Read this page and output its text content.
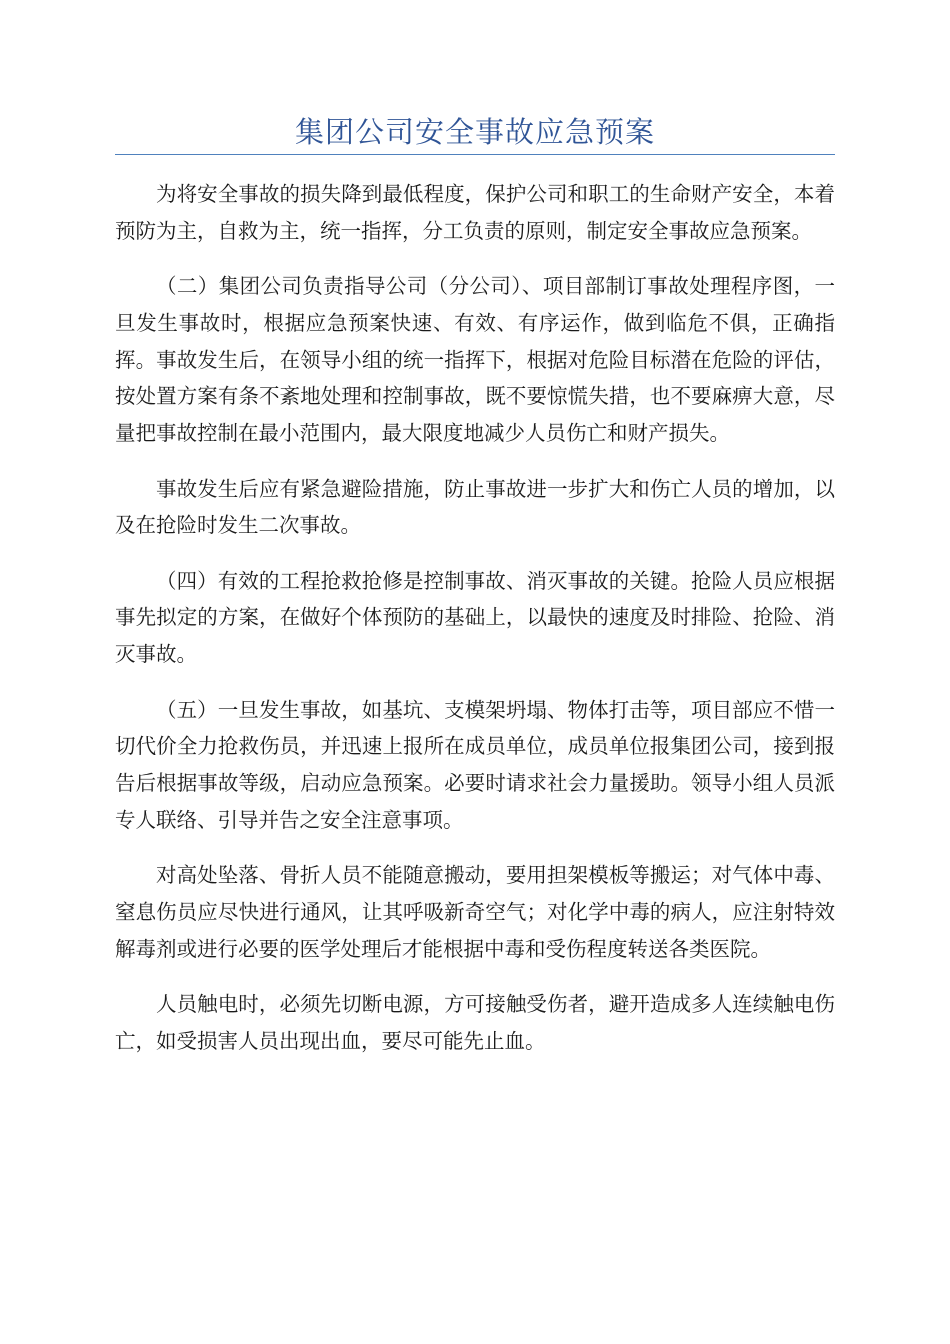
集团公司安全事故应急预案

为将安全事故的损失降到最低程度，保护公司和职工的生命财产安全，本着预防为主，自救为主，统一指挥，分工负责的原则，制定安全事故应急预案。

（二）集团公司负责指导公司（分公司）、项目部制订事故处理程序图，一旦发生事故时，根据应急预案快速、有效、有序运作，做到临危不俱，正确指挥。事故发生后，在领导小组的统一指挥下，根据对危险目标潜在危险的评估，按处置方案有条不紊地处理和控制事故，既不要惊慌失措，也不要麻痹大意，尽量把事故控制在最小范围内，最大限度地减少人员伤亡和财产损失。

事故发生后应有紧急避险措施，防止事故进一步扩大和伤亡人员的增加，以及在抢险时发生二次事故。

（四）有效的工程抢救抢修是控制事故、消灭事故的关键。抢险人员应根据事先拟定的方案，在做好个体预防的基础上，以最快的速度及时排险、抢险、消灭事故。

（五）一旦发生事故，如基坑、支模架坍塌、物体打击等，项目部应不惜一切代价全力抢救伤员，并迅速上报所在成员单位，成员单位报集团公司，接到报告后根据事故等级，启动应急预案。必要时请求社会力量援助。领导小组人员派专人联络、引导并告之安全注意事项。

对高处坠落、骨折人员不能随意搬动，要用担架模板等搬运；对气体中毒、窒息伤员应尽快进行通风，让其呼吸新奇空气；对化学中毒的病人，应注射特效解毒剂或进行必要的医学处理后才能根据中毒和受伤程度转送各类医院。

人员触电时，必须先切断电源，方可接触受伤者，避开造成多人连续触电伤亡，如受损害人员出现出血，要尽可能先止血。
